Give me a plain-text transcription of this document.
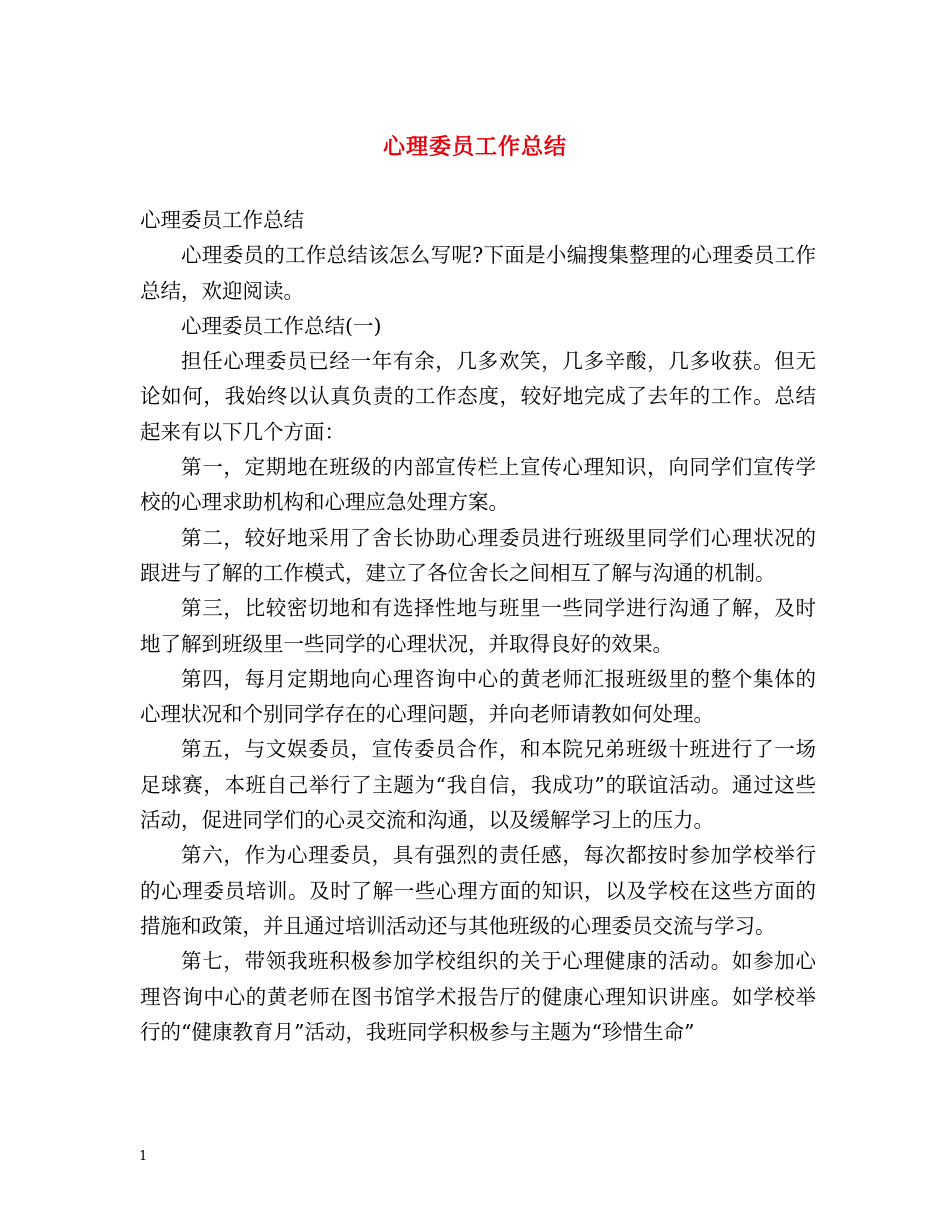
心理委员工作总结

心理委员工作总结

心理委员的工作总结该怎么写呢?下面是小编搜集整理的心理委员工作总结，欢迎阅读。

心理委员工作总结(一)

担任心理委员已经一年有余，几多欢笑，几多辛酸，几多收获。但无论如何，我始终以认真负责的工作态度，较好地完成了去年的工作。总结起来有以下几个方面：

第一，定期地在班级的内部宣传栏上宣传心理知识，向同学们宣传学校的心理求助机构和心理应急处理方案。

第二，较好地采用了舍长协助心理委员进行班级里同学们心理状况的跟进与了解的工作模式，建立了各位舍长之间相互了解与沟通的机制。

第三，比较密切地和有选择性地与班里一些同学进行沟通了解，及时地了解到班级里一些同学的心理状况，并取得良好的效果。

第四，每月定期地向心理咨询中心的黄老师汇报班级里的整个集体的心理状况和个别同学存在的心理问题，并向老师请教如何处理。

第五，与文娱委员，宣传委员合作，和本院兄弟班级十班进行了一场足球赛，本班自己举行了主题为“我自信，我成功”的联谊活动。通过这些活动，促进同学们的心灵交流和沟通，以及缓解学习上的压力。

第六，作为心理委员，具有强烈的责任感，每次都按时参加学校举行的心理委员培训。及时了解一些心理方面的知识，以及学校在这些方面的措施和政策，并且通过培训活动还与其他班级的心理委员交流与学习。

第七，带领我班积极参加学校组织的关于心理健康的活动。如参加心理咨询中心的黄老师在图书馆学术报告厅的健康心理知识讲座。如学校举行的“健康教育月”活动，我班同学积极参与主题为“珍惜生命”

1
